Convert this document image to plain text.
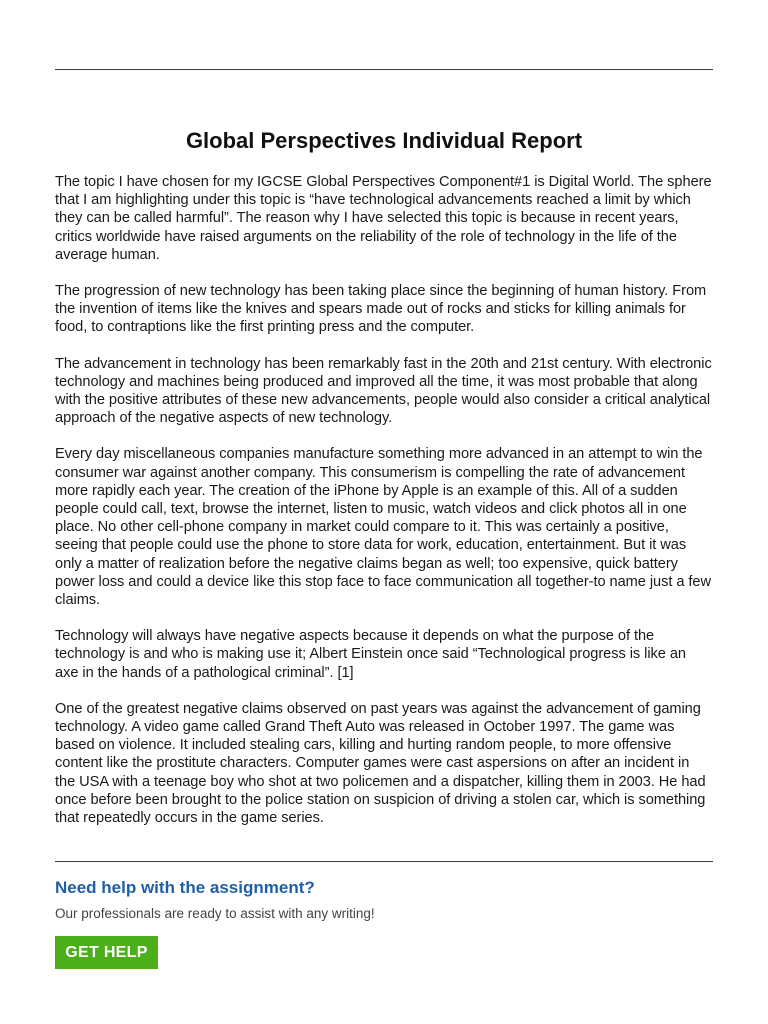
Global Perspectives Individual Report

The topic I have chosen for my IGCSE Global Perspectives Component#1 is Digital World. The sphere that I am highlighting under this topic is “have technological advancements reached a limit by which they can be called harmful”. The reason why I have selected this topic is because in recent years, critics worldwide have raised arguments on the reliability of the role of technology in the life of the average human.

The progression of new technology has been taking place since the beginning of human history. From the invention of items like the knives and spears made out of rocks and sticks for killing animals for food, to contraptions like the first printing press and the computer.

The advancement in technology has been remarkably fast in the 20th and 21st century. With electronic technology and machines being produced and improved all the time, it was most probable that along with the positive attributes of these new advancements, people would also consider a critical analytical approach of the negative aspects of new technology.

Every day miscellaneous companies manufacture something more advanced in an attempt to win the consumer war against another company. This consumerism is compelling the rate of advancement more rapidly each year. The creation of the iPhone by Apple is an example of this. All of a sudden people could call, text, browse the internet, listen to music, watch videos and click photos all in one place. No other cell-phone company in market could compare to it. This was certainly a positive, seeing that people could use the phone to store data for work, education, entertainment. But it was only a matter of realization before the negative claims began as well; too expensive, quick battery power loss and could a device like this stop face to face communication all together-to name just a few claims.

Technology will always have negative aspects because it depends on what the purpose of the technology is and who is making use it; Albert Einstein once said “Technological progress is like an axe in the hands of a pathological criminal”. [1]

One of the greatest negative claims observed on past years was against the advancement of gaming technology. A video game called Grand Theft Auto was released in October 1997. The game was based on violence. It included stealing cars, killing and hurting random people, to more offensive content like the prostitute characters. Computer games were cast aspersions on after an incident in the USA with a teenage boy who shot at two policemen and a dispatcher, killing them in 2003. He had once before been brought to the police station on suspicion of driving a stolen car, which is something that repeatedly occurs in the game series.

Need help with the assignment?

Our professionals are ready to assist with any writing!

GET HELP
